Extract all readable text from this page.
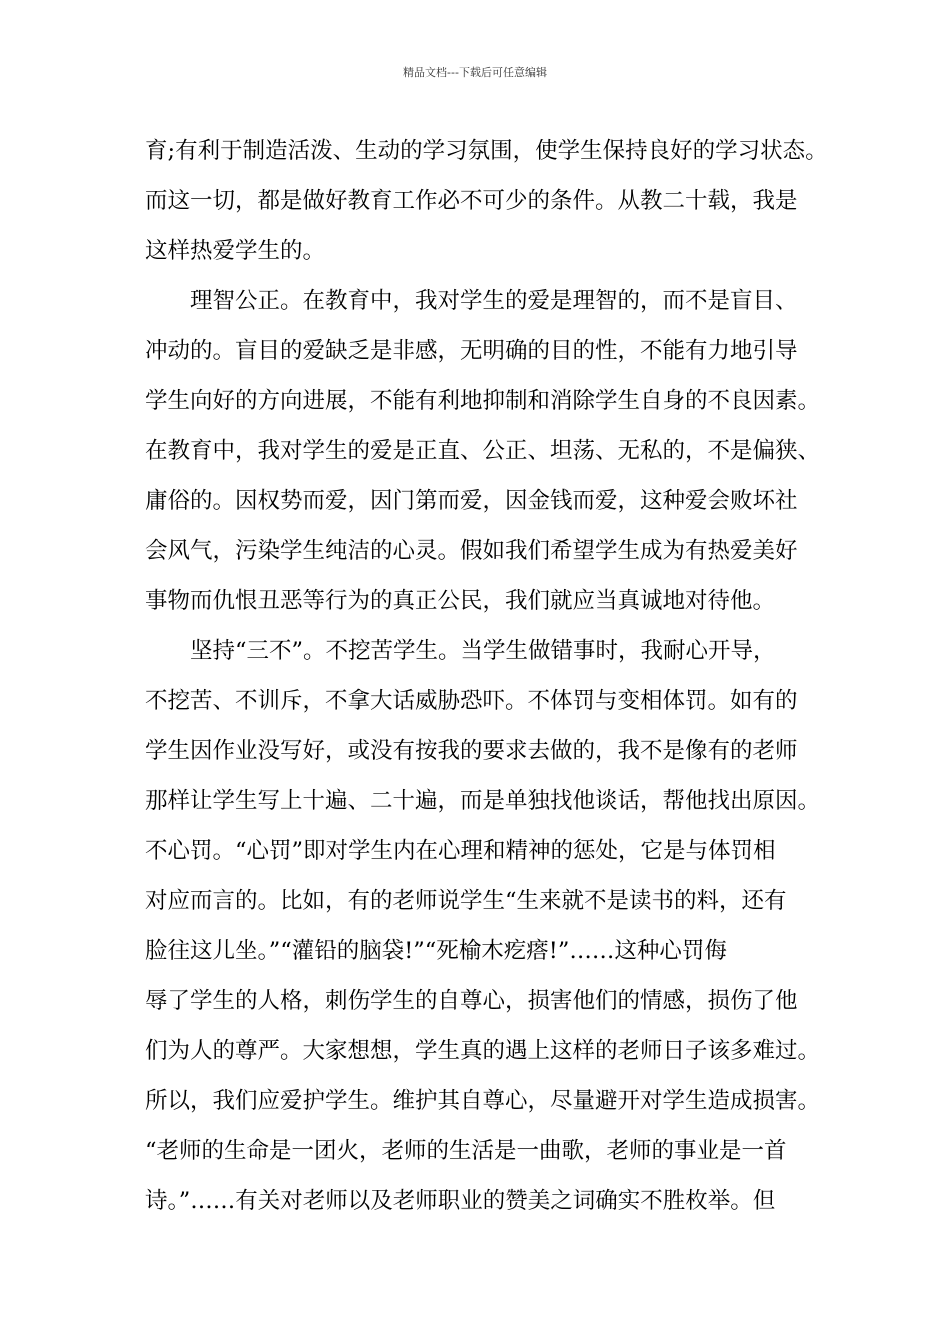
精品文档---下载后可任意编辑
育;有利于制造活泼、生动的学习氛围，使学生保持良好的学习状态。
而这一切，都是做好教育工作必不可少的条件。从教二十载，我是
这样热爱学生的。
理智公正。在教育中，我对学生的爱是理智的，而不是盲目、
冲动的。盲目的爱缺乏是非感，无明确的目的性，不能有力地引导
学生向好的方向进展，不能有利地抑制和消除学生自身的不良因素。
在教育中，我对学生的爱是正直、公正、坦荡、无私的，不是偏狭、
庸俗的。因权势而爱，因门第而爱，因金钱而爱，这种爱会败坏社
会风气，污染学生纯洁的心灵。假如我们希望学生成为有热爱美好
事物而仇恨丑恶等行为的真正公民，我们就应当真诚地对待他。
坚持“三不”。不挖苦学生。当学生做错事时，我耐心开导，
不挖苦、不训斥，不拿大话威胁恐吓。不体罚与变相体罚。如有的
学生因作业没写好，或没有按我的要求去做的，我不是像有的老师
那样让学生写上十遍、二十遍，而是单独找他谈话，帮他找出原因。
不心罚。“心罚”即对学生内在心理和精神的惩处，它是与体罚相
对应而言的。比如，有的老师说学生“生来就不是读书的料，还有
脸往这儿坐。”“灌铅的脑袋!”“死榆木疙瘩!”……这种心罚侮
辱了学生的人格，刺伤学生的自尊心，损害他们的情感，损伤了他
们为人的尊严。大家想想，学生真的遇上这样的老师日子该多难过。
所以，我们应爱护学生。维护其自尊心，尽量避开对学生造成损害。
“老师的生命是一团火，老师的生活是一曲歌，老师的事业是一首
诗。”……有关对老师以及老师职业的赞美之词确实不胜枚举。但
